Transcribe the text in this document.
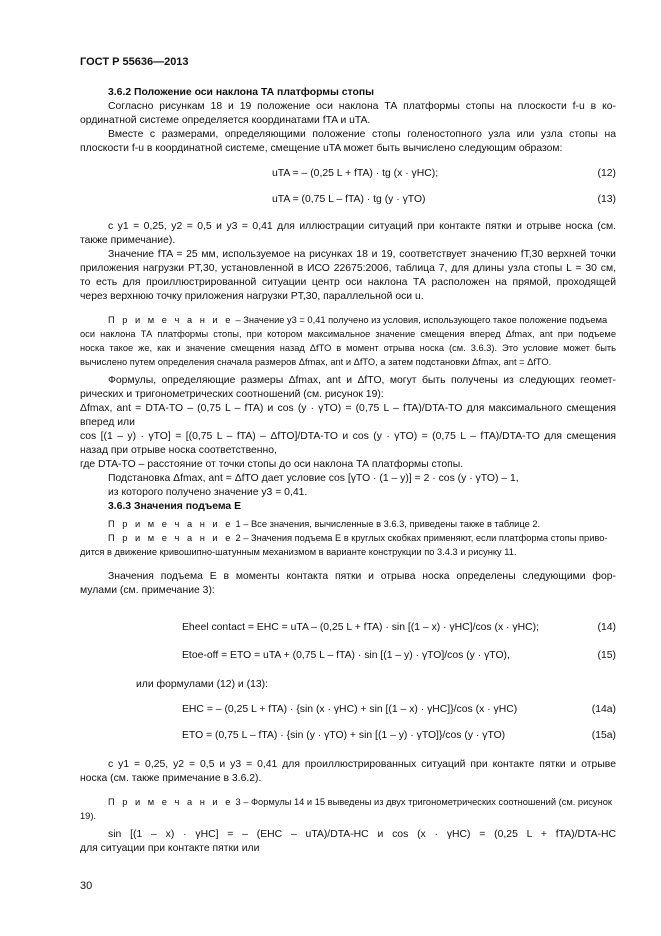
ГОСТ Р 55636—2013
3.6.2 Положение оси наклона ТА платформы стопы
Согласно рисункам 18 и 19 положение оси наклона ТА платформы стопы на плоскости f-u в ко-
ординатной системе определяется координатами fTA и uTA.
Вместе с размерами, определяющими положение стопы голеностопного узла или узла стопы на
плоскости f-u в координатной системе, смещение uTA может быть вычислено следующим образом:
uTA = – (0,25 L + fTA) · tg (x · γHC);	(12)
uTA = (0,75 L – fTA) · tg (y · γTO)	(13)
с y1 = 0,25, y2 = 0,5 и y3 = 0,41 для иллюстрации ситуаций при контакте пятки и отрыве носка (см.
также примечание).
Значение fTA = 25 мм, используемое на рисунках 18 и 19, соответствует значению fT,30 верхней точки
приложения нагрузки PT,30, установленной в ИСО 22675:2006, таблица 7, для длины узла стопы L = 30 см,
то есть для проиллюстрированной ситуации центр оси наклона ТА расположен на прямой, проходящей
через верхнюю точку приложения нагрузки PT,30, параллельной оси u.
П р и м е ч а н и е – Значение y3 = 0,41 получено из условия, использующего такое положение подъема
оси наклона ТА платформы стопы, при котором максимальное значение смещения вперед Δfmax, ant при подъеме
носка такое же, как и значение смещения назад ΔfTO в момент отрыва носка (см. 3.6.3). Это условие может быть
вычислено путем определения сначала размеров Δfmax, ant и ΔfTO, а затем подстановки Δfmax, ant = ΔfTO.
Формулы, определяющие размеры Δfmax, ant и ΔfTO, могут быть получены из следующих геомет-
рических и тригонометрических соотношений (см. рисунок 19):
Δfmax, ant = DTA-TO – (0,75 L – fTA) и cos (y · γTO) = (0,75 L – fTA)/DTA-TO для максимального смещения
вперед или
cos [(1 – y) · γTO] = [(0,75 L – fTA) – ΔfTO]/DTA-TO и cos (y · γTO) = (0,75 L – fTA)/DTA-TO для смещения
назад при отрыве носка соответственно,
где DTA-TO – расстояние от точки стопы до оси наклона ТА платформы стопы.
Подстановка Δfmax, ant = ΔfTO дает условие cos [γTO · (1 – y)] = 2 · cos (y · γTO) – 1,
из которого получено значение y3 = 0,41.
3.6.3 Значения подъема Е
П р и м е ч а н и е 1 – Все значения, вычисленные в 3.6.3, приведены также в таблице 2.
П р и м е ч а н и е 2 – Значения подъема Е в круглых скобках применяют, если платформа стопы приво-
дится в движение кривошипно-шатунным механизмом в варианте конструкции по 3.4.3 и рисунку 11.
Значения подъема Е в моменты контакта пятки и отрыва носка определены следующими фор-
мулами (см. примечание 3):
Eheel contact = EHC = uTA – (0,25 L + fTA) · sin [(1 – x) · γHC]/cos (x · γHC);	(14)
Etoe-off = ETO = uTA + (0,75 L – fTA) · sin [(1 – y) · γTO]/cos (y · γTO),	(15)
или формулами (12) и (13):
EHC = – (0,25 L + fTA) · {sin (x · γHC) + sin [(1 – x) · γHC]}/cos (x · γHC)	(14a)
ETO = (0,75 L – fTA) · {sin (y · γTO) + sin [(1 – y) · γTO]}/cos (y · γTO)	(15a)
с y1 = 0,25, y2 = 0,5 и y3 = 0,41 для проиллюстрированных ситуаций при контакте пятки и отрыве
носка (см. также примечание в 3.6.2).
П р и м е ч а н и е 3 – Формулы 14 и 15 выведены из двух тригонометрических соотношений (см. рисунок
19).
sin [(1 – x) · γHC] = – (EHC – uTA)/DTA-HC и cos (x · γHC) = (0,25 L + fTA)/DTA-HC
для ситуации при контакте пятки или
30
